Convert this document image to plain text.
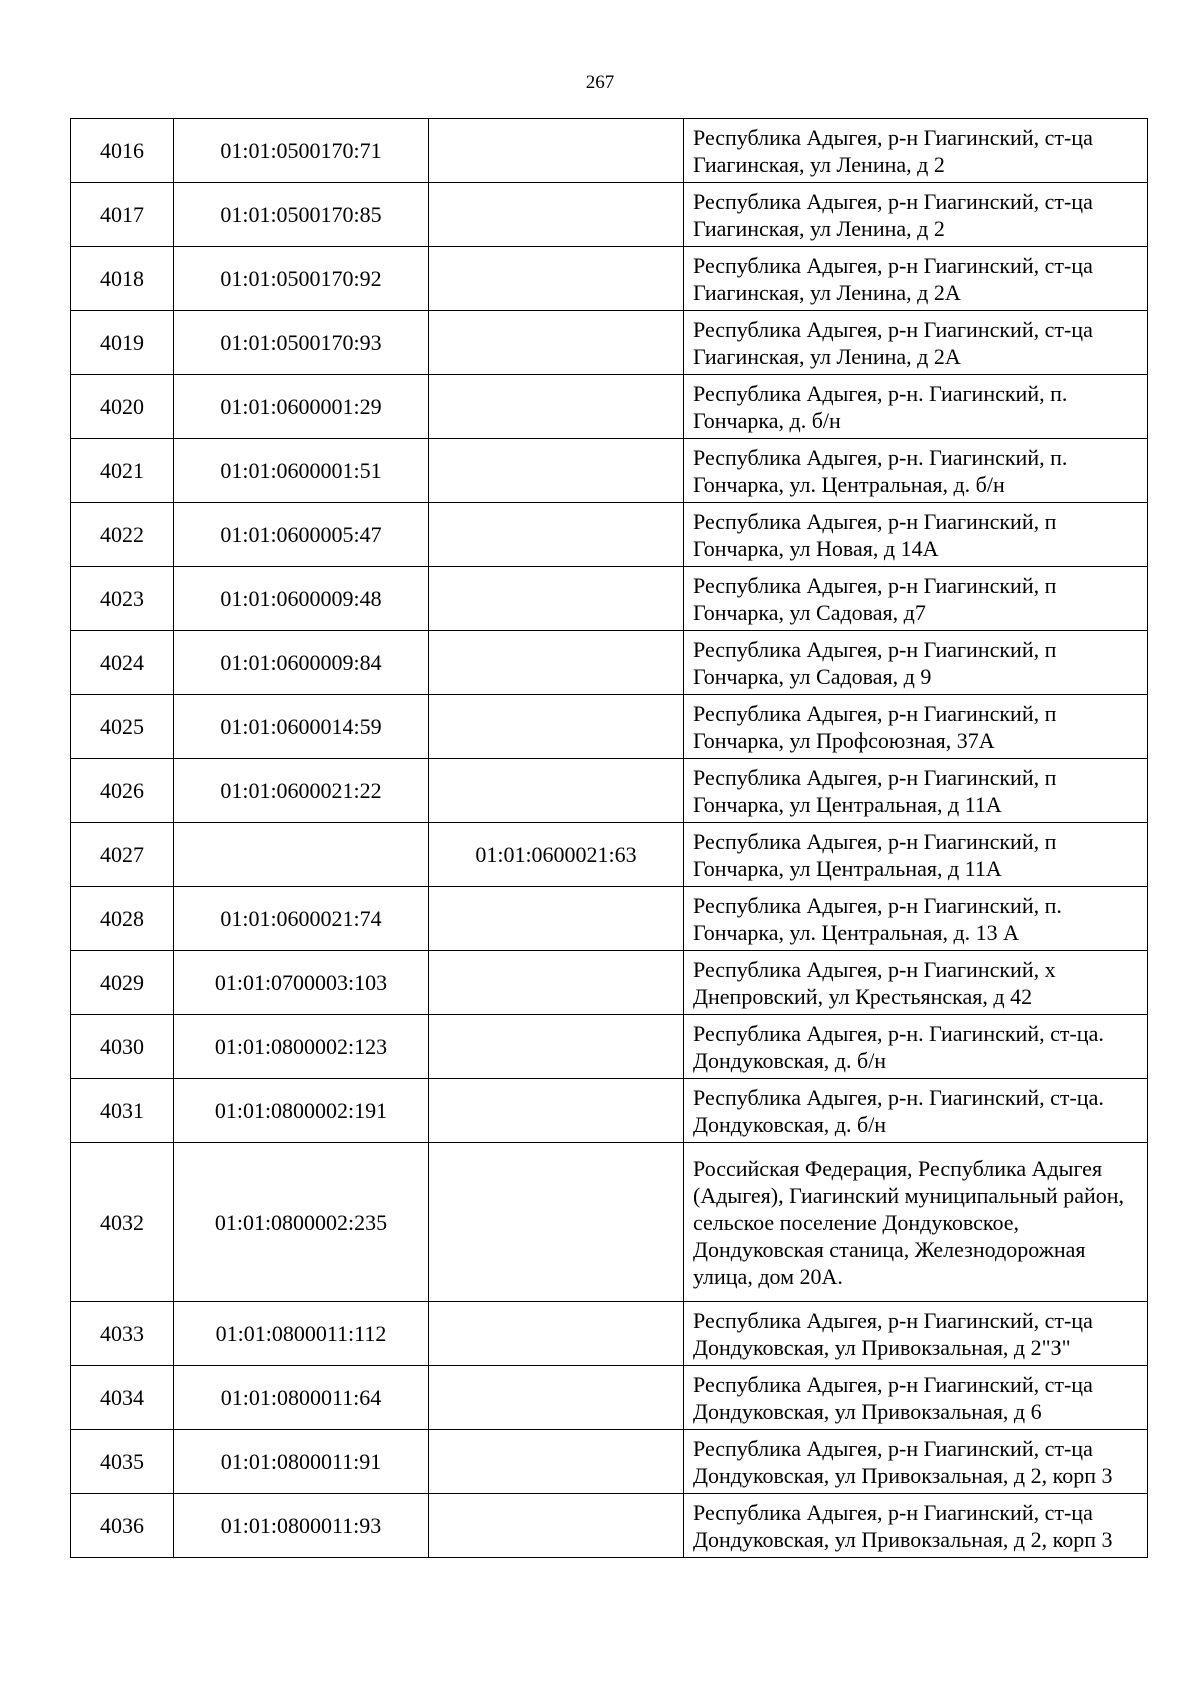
267
4016	01:01:0500170:71		Республика Адыгея, р-н Гиагинский, ст-ца Гиагинская, ул Ленина, д 2
4017	01:01:0500170:85		Республика Адыгея, р-н Гиагинский, ст-ца Гиагинская, ул Ленина, д 2
4018	01:01:0500170:92		Республика Адыгея, р-н Гиагинский, ст-ца Гиагинская, ул Ленина, д 2А
4019	01:01:0500170:93		Республика Адыгея, р-н Гиагинский, ст-ца Гиагинская, ул Ленина, д 2А
4020	01:01:0600001:29		Республика Адыгея, р-н. Гиагинский, п. Гончарка, д. б/н
4021	01:01:0600001:51		Республика Адыгея, р-н. Гиагинский, п. Гончарка, ул. Центральная, д. б/н
4022	01:01:0600005:47		Республика Адыгея, р-н Гиагинский, п Гончарка, ул Новая, д 14А
4023	01:01:0600009:48		Республика Адыгея, р-н Гиагинский, п Гончарка, ул Садовая, д7
4024	01:01:0600009:84		Республика Адыгея, р-н Гиагинский, п Гончарка, ул Садовая, д 9
4025	01:01:0600014:59		Республика Адыгея, р-н Гиагинский, п Гончарка, ул Профсоюзная, 37А
4026	01:01:0600021:22		Республика Адыгея, р-н Гиагинский, п Гончарка, ул Центральная, д 11А
4027		01:01:0600021:63	Республика Адыгея, р-н Гиагинский, п Гончарка, ул Центральная, д 11А
4028	01:01:0600021:74		Республика Адыгея, р-н Гиагинский, п. Гончарка, ул. Центральная, д. 13 А
4029	01:01:0700003:103		Республика Адыгея, р-н Гиагинский, х Днепровский, ул Крестьянская, д 42
4030	01:01:0800002:123		Республика Адыгея, р-н. Гиагинский, ст-ца. Дондуковская, д. б/н
4031	01:01:0800002:191		Республика Адыгея, р-н. Гиагинский, ст-ца. Дондуковская, д. б/н
4032	01:01:0800002:235		Российская Федерация, Республика Адыгея (Адыгея), Гиагинский муниципальный район, сельское поселение Дондуковское, Дондуковская станица, Железнодорожная улица, дом 20А.
4033	01:01:0800011:112		Республика Адыгея, р-н Гиагинский, ст-ца Дондуковская, ул Привокзальная, д 2"З"
4034	01:01:0800011:64		Республика Адыгея, р-н Гиагинский, ст-ца Дондуковская, ул Привокзальная, д 6
4035	01:01:0800011:91		Республика Адыгея, р-н Гиагинский, ст-ца Дондуковская, ул Привокзальная, д 2, корп 3
4036	01:01:0800011:93		Республика Адыгея, р-н Гиагинский, ст-ца Дондуковская, ул Привокзальная, д 2, корп 3
